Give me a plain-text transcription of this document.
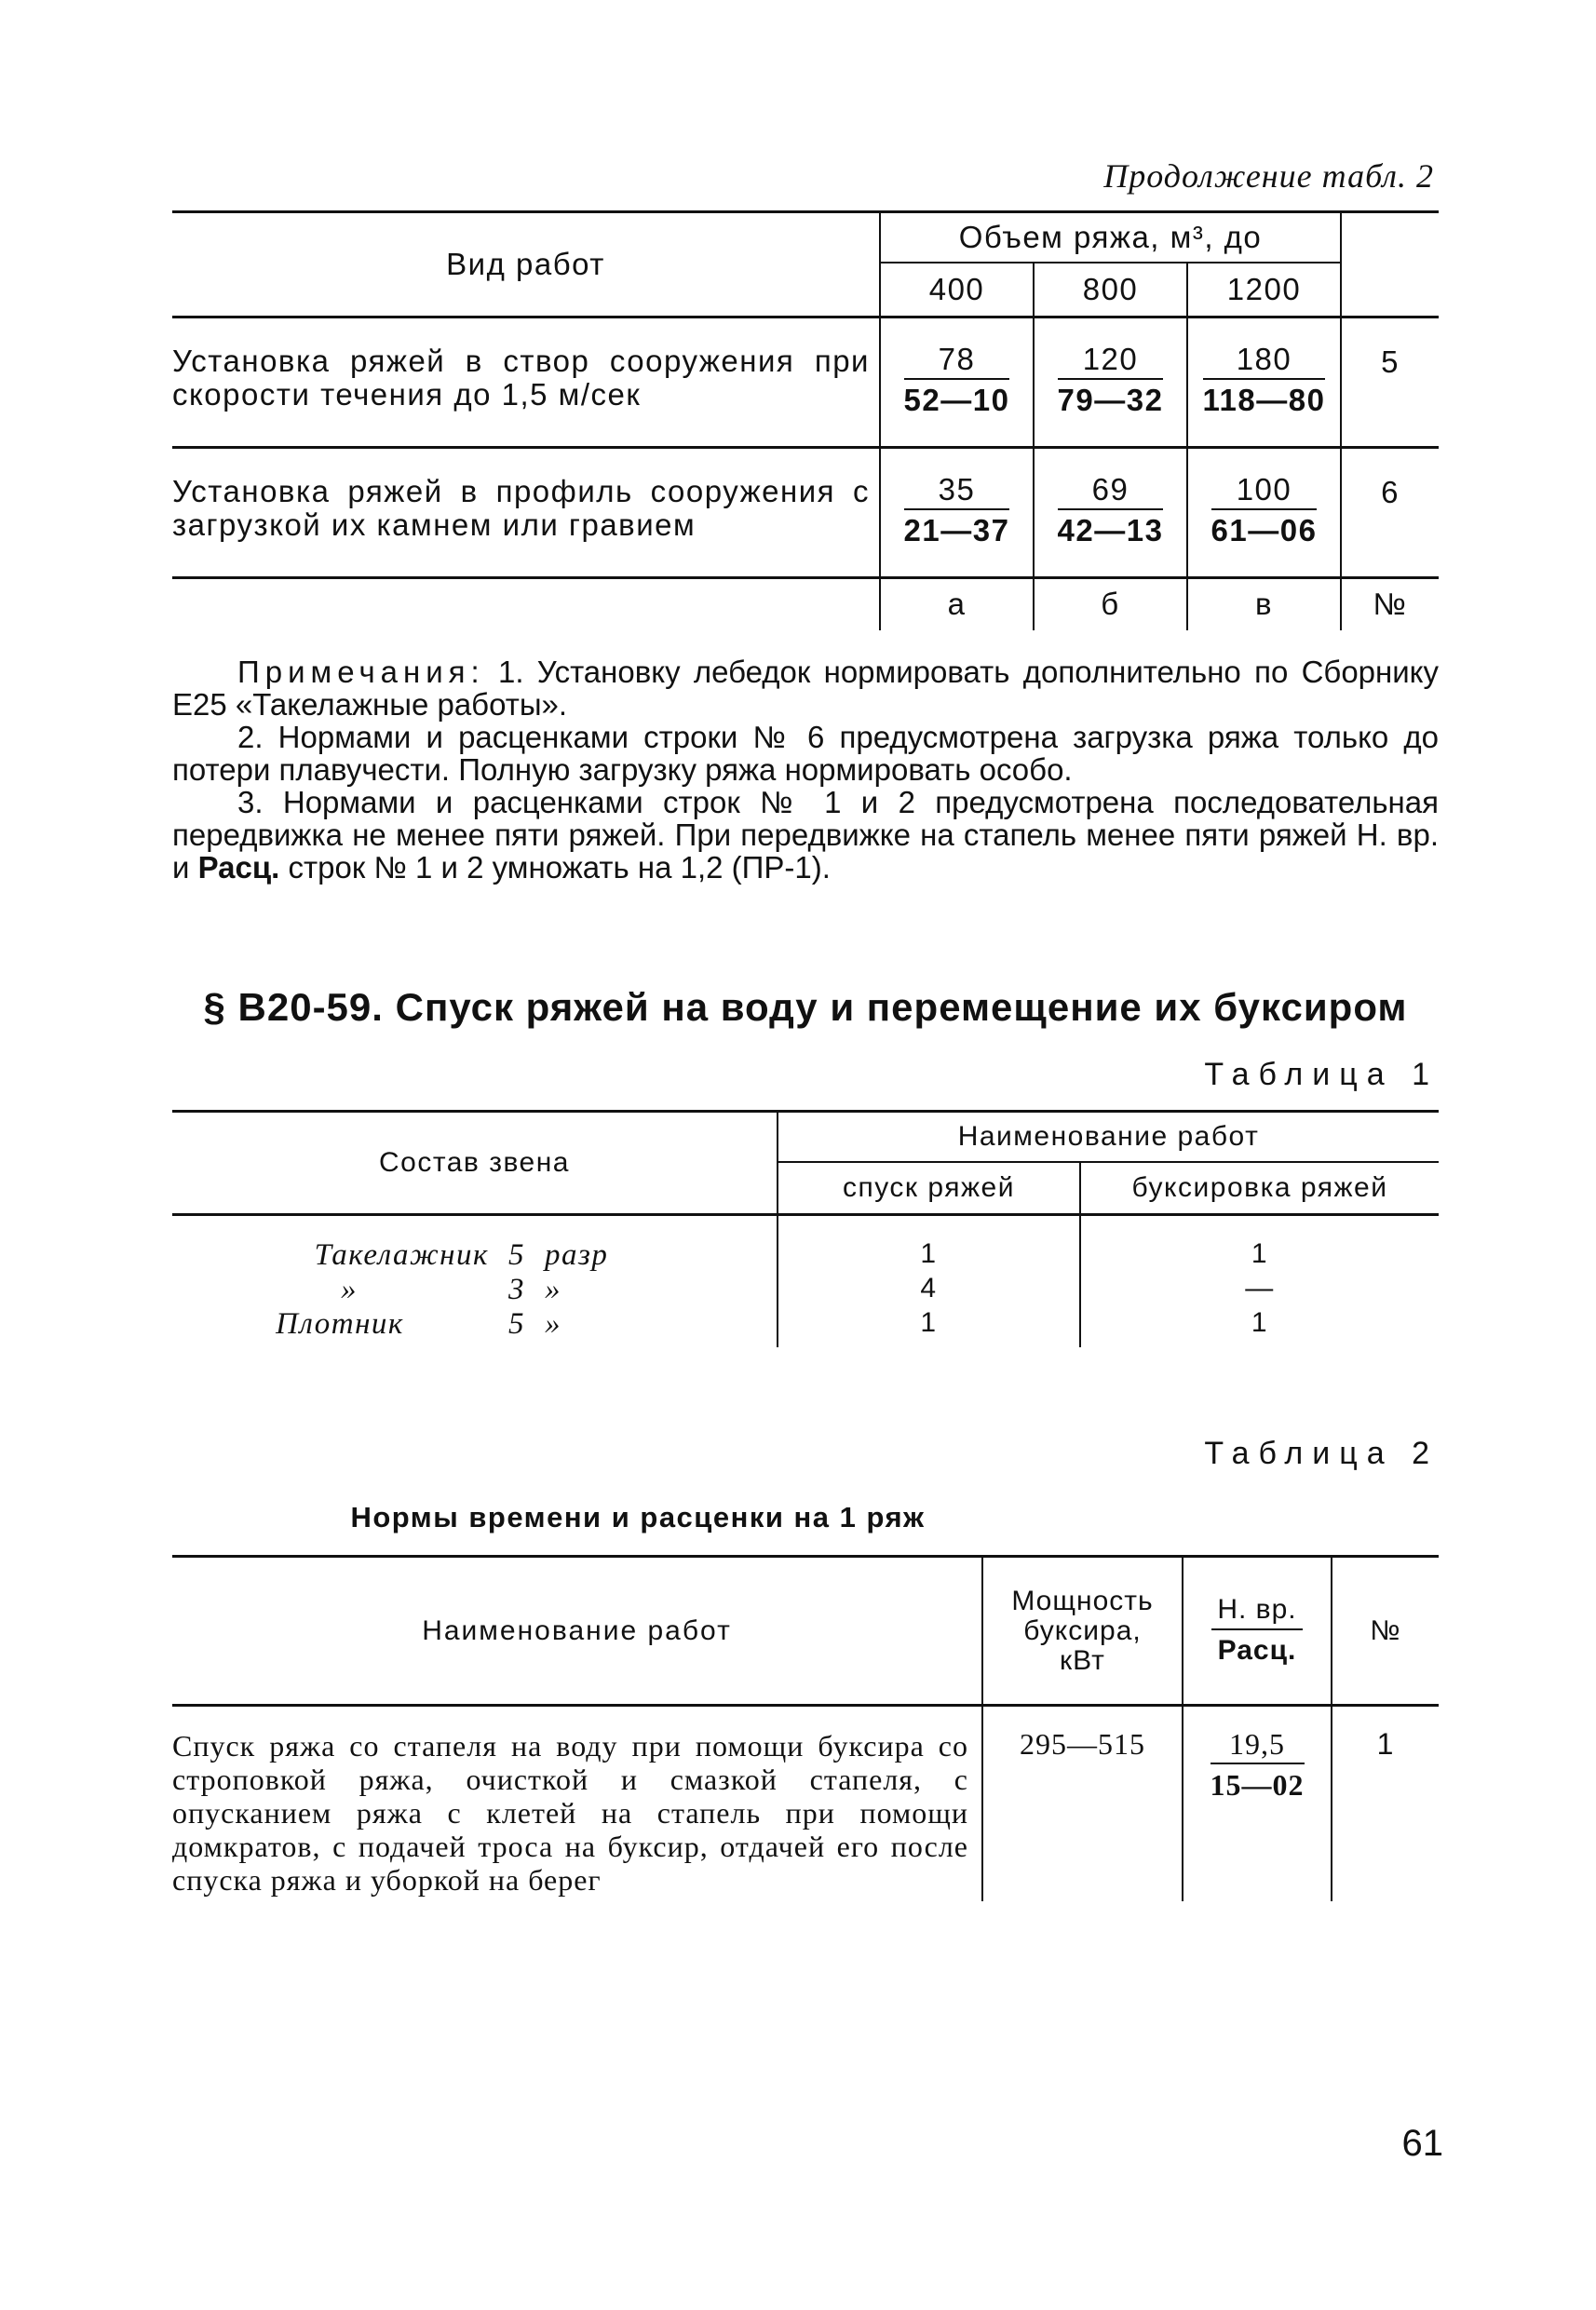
Продолжение табл. 2
Вид работ	Объем ряжа, м³, до			
	400	800	1200	
Установка ряжей в створ сооружения при скорости течения до 1,5 м/сек	$\frac{78}{52—10}$	$\frac{120}{79—32}$	$\frac{180}{118—80}$	5
Установка ряжей в профиль сооружения с загрузкой их камнем или гравием	$\frac{35}{21—37}$	$\frac{69}{42—13}$	$\frac{100}{61—06}$	6
	а	б	в	№

Примечания: 1. Установку лебедок нормировать дополнительно по Сборнику Е25 «Такелажные работы».

2. Нормами и расценками строки № 6 предусмотрена загрузка ряжа только до потери плавучести. Полную загрузку ряжа нормировать особо.

3. Нормами и расценками строк № 1 и 2 предусмотрена последовательная передвижка не менее пяти ряжей. При передвижке на стапель менее пяти ряжей Н. вр. и Расц. строк № 1 и 2 умножать на 1,2 (ПР-1).

§ В20-59. Спуск ряжей на воду и перемещение их буксиром
Таблица 1
Состав звена	Наименование работ	
	спуск ряжей	буксировка ряжей
Такелажник 5 разр	1	1
» 3 »	4	—
Плотник 5 »	1	1
Таблица 2
Нормы времени и расценки на 1 ряж
Наименование работ	Мощность буксира, кВт	$\frac{Н. вр.}{\text{Расц.}}$	№
Спуск ряжа со стапеля на воду при помощи буксира со строповкой ряжа, очисткой и смазкой стапеля, с опусканием ряжа с клетей на стапель при помощи домкратов, с подачей троса на буксир, отдачей его после спуска ряжа и уборкой на берег	295—515	$\frac{19,5}{15—02}$	1
61
